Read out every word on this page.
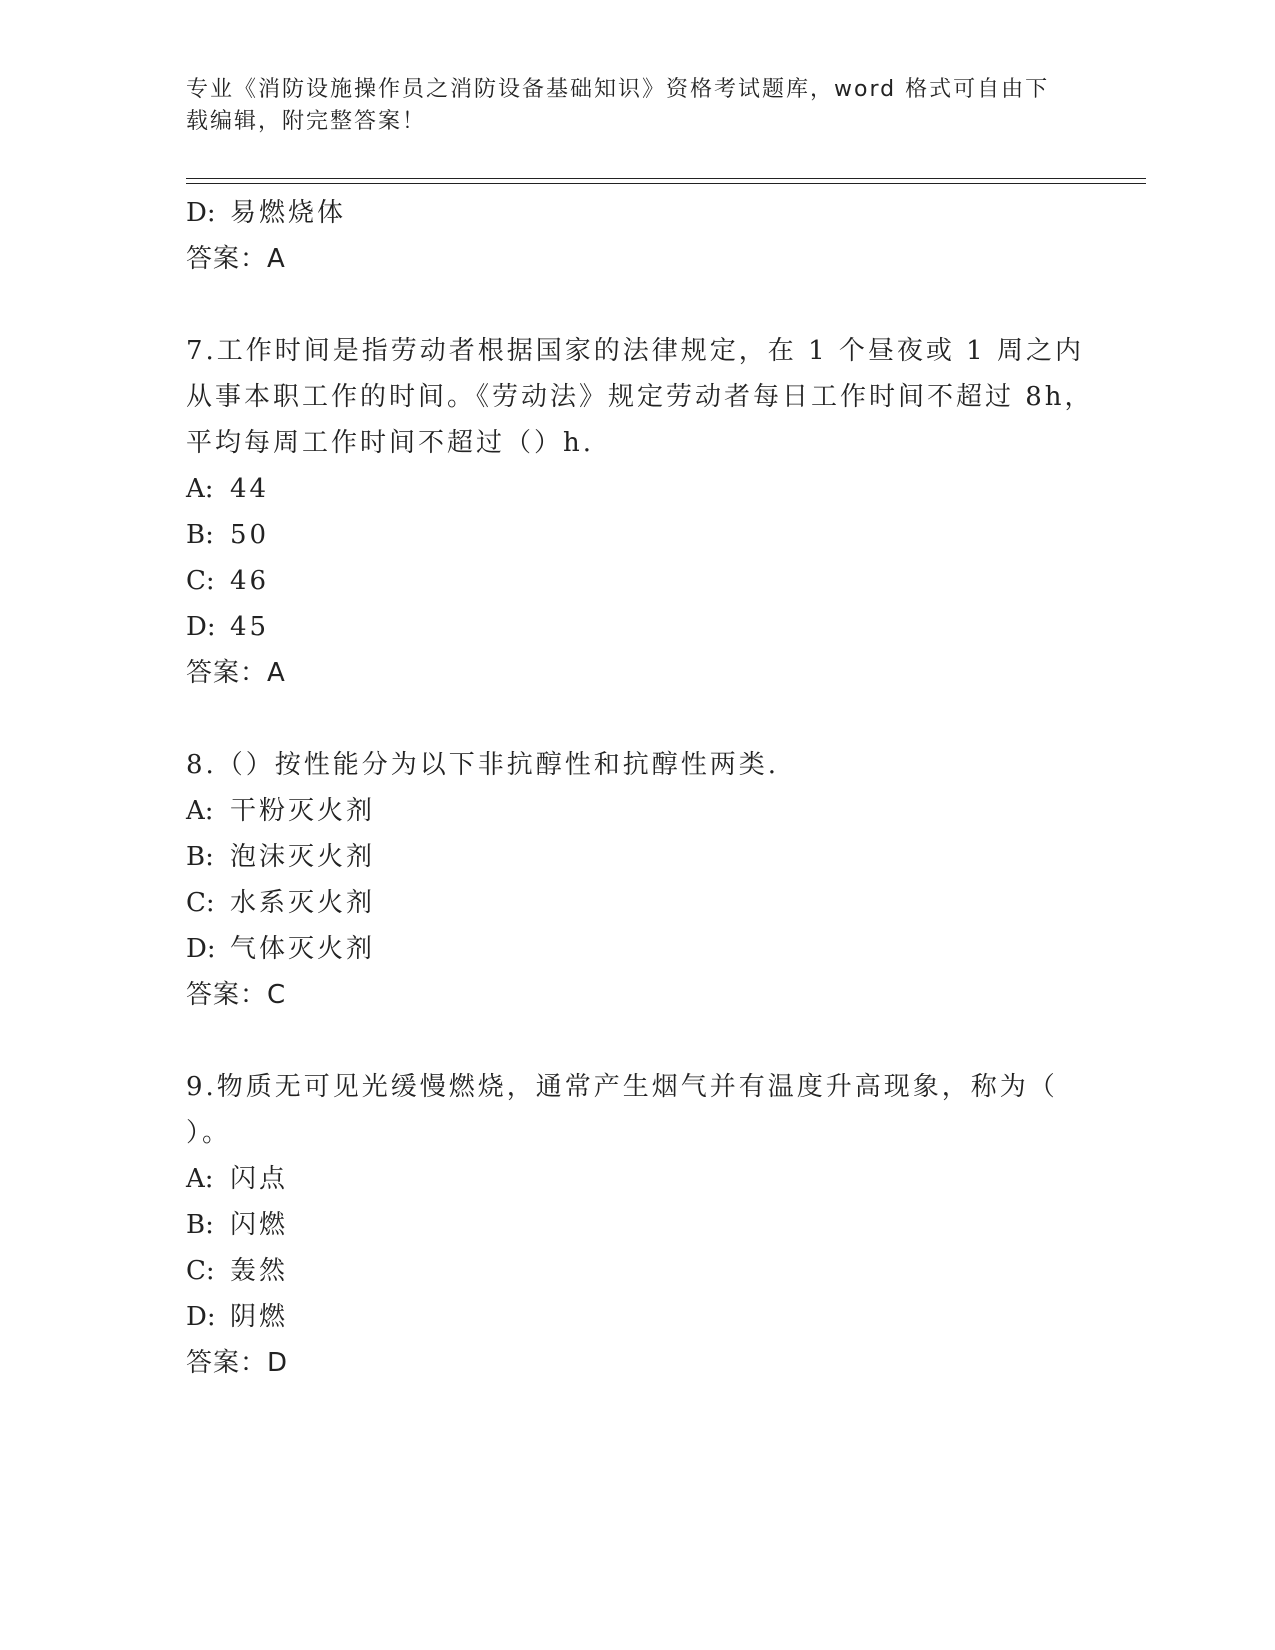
专业《消防设施操作员之消防设备基础知识》资格考试题库，word 格式可自由下
载编辑，附完整答案！
D: 易燃烧体
答案：A
7.工作时间是指劳动者根据国家的法律规定，在 1 个昼夜或 1 周之内
从事本职工作的时间。《劳动法》规定劳动者每日工作时间不超过 8h，
平均每周工作时间不超过（）h.
A: 44
B: 50
C: 46
D: 45
答案：A
8.（）按性能分为以下非抗醇性和抗醇性两类.
A: 干粉灭火剂
B: 泡沫灭火剂
C: 水系灭火剂
D: 气体灭火剂
答案：C
9.物质无可见光缓慢燃烧，通常产生烟气并有温度升高现象，称为（
）。
A: 闪点
B: 闪燃
C: 轰然
D: 阴燃
答案：D
